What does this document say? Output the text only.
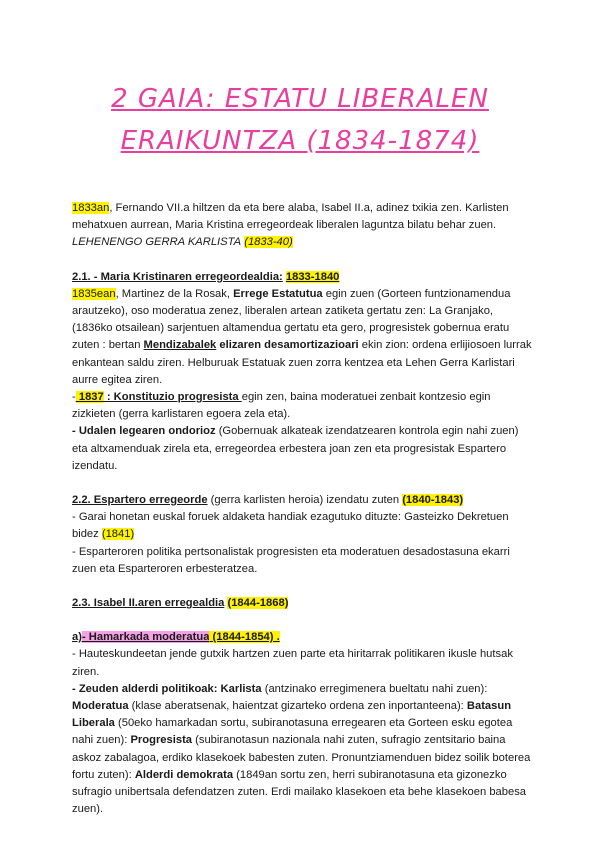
2 GAIA: ESTATU LIBERALEN
ERAIKUNTZA (1834-1874)

1833an, Fernando VII.a hiltzen da eta bere alaba, Isabel II.a, adinez txikia zen. Karlisten mehatxuen aurrean, Maria Kristina erregeordeak liberalen laguntza bilatu behar zuen.
LEHENENGO GERRA KARLISTA (1833-40)

2.1. - Maria Kristinaren erregeordealdia: 1833-1840

1835ean, Martinez de la Rosak, Errege Estatutua egin zuen (Gorteen funtzionamendua arautzeko), oso moderatua zenez, liberalen artean zatiketa gertatu zen: La Granjako, (1836ko otsailean) sarjentuen altamendua gertatu eta gero, progresistek gobernua eratu zuten : bertan Mendizabalek elizaren desamortizazioari ekin zion: ordena erlijiosoen lurrak enkantean saldu ziren. Helburuak Estatuak zuen zorra kentzea eta Lehen Gerra Karlistari aurre egitea ziren.

- 1837 : Konstituzio progresista egin zen, baina moderatuei zenbait kontzesio egin zizkieten (gerra karlistaren egoera zela eta).

- Udalen legearen ondorioz (Gobernuak alkateak izendatzearen kontrola egin nahi zuen) eta altxamenduak zirela eta, erregeordea erbestera joan zen eta progresistak Espartero izendatu.

2.2. Espartero erregeorde (gerra karlisten heroia) izendatu zuten (1840-1843)

- Garai honetan euskal foruek aldaketa handiak ezagutuko dituzte: Gasteizko Dekretuen bidez (1841)

- Esparteroren politika pertsonalistak progresisten eta moderatuen desadostasuna ekarri zuen eta Esparteroren erbesteratzea.

2.3. Isabel II.aren erregealdia (1844-1868)

a)- Hamarkada moderatua (1844-1854) .

- Hauteskundeetan jende gutxik hartzen zuen parte eta hiritarrak politikaren ikusle hutsak ziren.

- Zeuden alderdi politikoak: Karlista (antzinako erregimenera bueltatu nahi zuen): Moderatua (klase aberatsenak, haientzat gizarteko ordena zen inportanteena): Batasun Liberala (50eko hamarkadan sortu, subiranotasuna erregearen eta Gorteen esku egotea nahi zuen): Progresista (subiranotasun nazionala nahi zuten, sufragio zentsitario baina askoz zabalagoa, erdiko klasekoek babesten zuten. Pronuntziamenduen bidez soilik boterea fortu zuten): Alderdi demokrata (1849an sortu zen, herri subiranotasuna eta gizonezko sufragio unibertsala defendatzen zuten. Erdi mailako klasekoen eta behe klasekoen babesa zuen).
